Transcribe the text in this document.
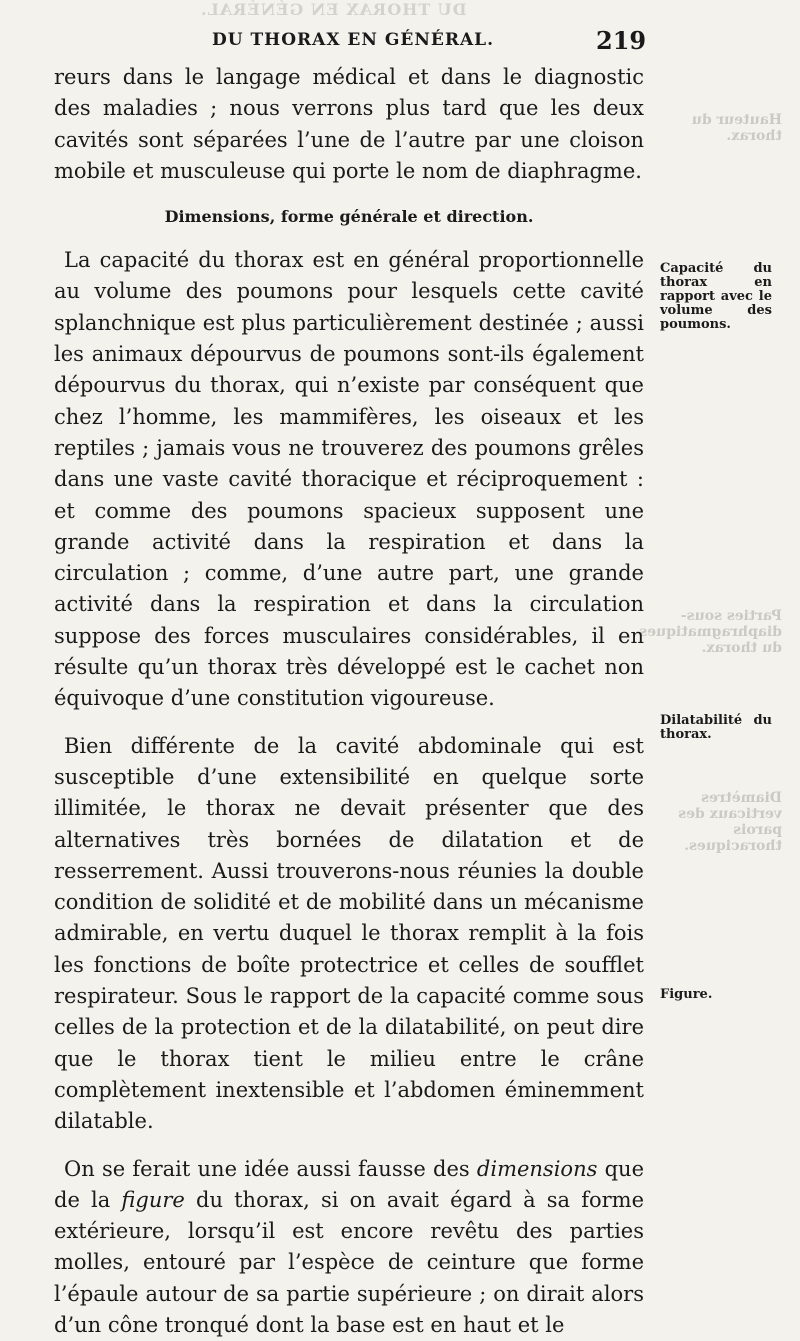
DU THORAX EN GÉNÉRAL.
Hauteur du thorax.
Parties sous-diaphragmatiques du thorax.
Diamètres verticaux des parois thoraciques.
DU THORAX EN GÉNÉRAL.	219

reurs dans le langage médical et dans le diagnostic des maladies ; nous verrons plus tard que les deux cavités sont séparées l’une de l’autre par une cloison mobile et musculeuse qui porte le nom de diaphragme.

Dimensions, forme générale et direction.

La capacité du thorax est en général proportionnelle au volume des poumons pour lesquels cette cavité splanchnique est plus particulièrement destinée ; aussi les animaux dépourvus de poumons sont-ils également dépourvus du thorax, qui n’existe par conséquent que chez l’homme, les mammifères, les oiseaux et les reptiles ; jamais vous ne trouverez des poumons grêles dans une vaste cavité thoracique et réciproquement : et comme des poumons spacieux supposent une grande activité dans la respiration et dans la circulation ; comme, d’une autre part, une grande activité dans la respiration et dans la circulation suppose des forces musculaires considérables, il en résulte qu’un thorax très développé est le cachet non équivoque d’une constitution vigoureuse.

Bien différente de la cavité abdominale qui est susceptible d’une extensibilité en quelque sorte illimitée, le thorax ne devait présenter que des alternatives très bornées de dilatation et de resserrement. Aussi trouverons-nous réunies la double condition de solidité et de mobilité dans un mécanisme admirable, en vertu duquel le thorax remplit à la fois les fonctions de boîte protectrice et celles de soufflet respirateur. Sous le rapport de la capacité comme sous celles de la protection et de la dilatabilité, on peut dire que le thorax tient le milieu entre le crâne complètement inextensible et l’abdomen éminemment dilatable.

On se ferait une idée aussi fausse des dimensions que de la figure du thorax, si on avait égard à sa forme extérieure, lorsqu’il est encore revêtu des parties molles, entouré par l’espèce de ceinture que forme l’épaule autour de sa partie supérieure ; on dirait alors d’un cône tronqué dont la base est en haut et le

Capacité du thorax en rapport avec le volume des poumons.
Dilatabilité du thorax.
Figure.
